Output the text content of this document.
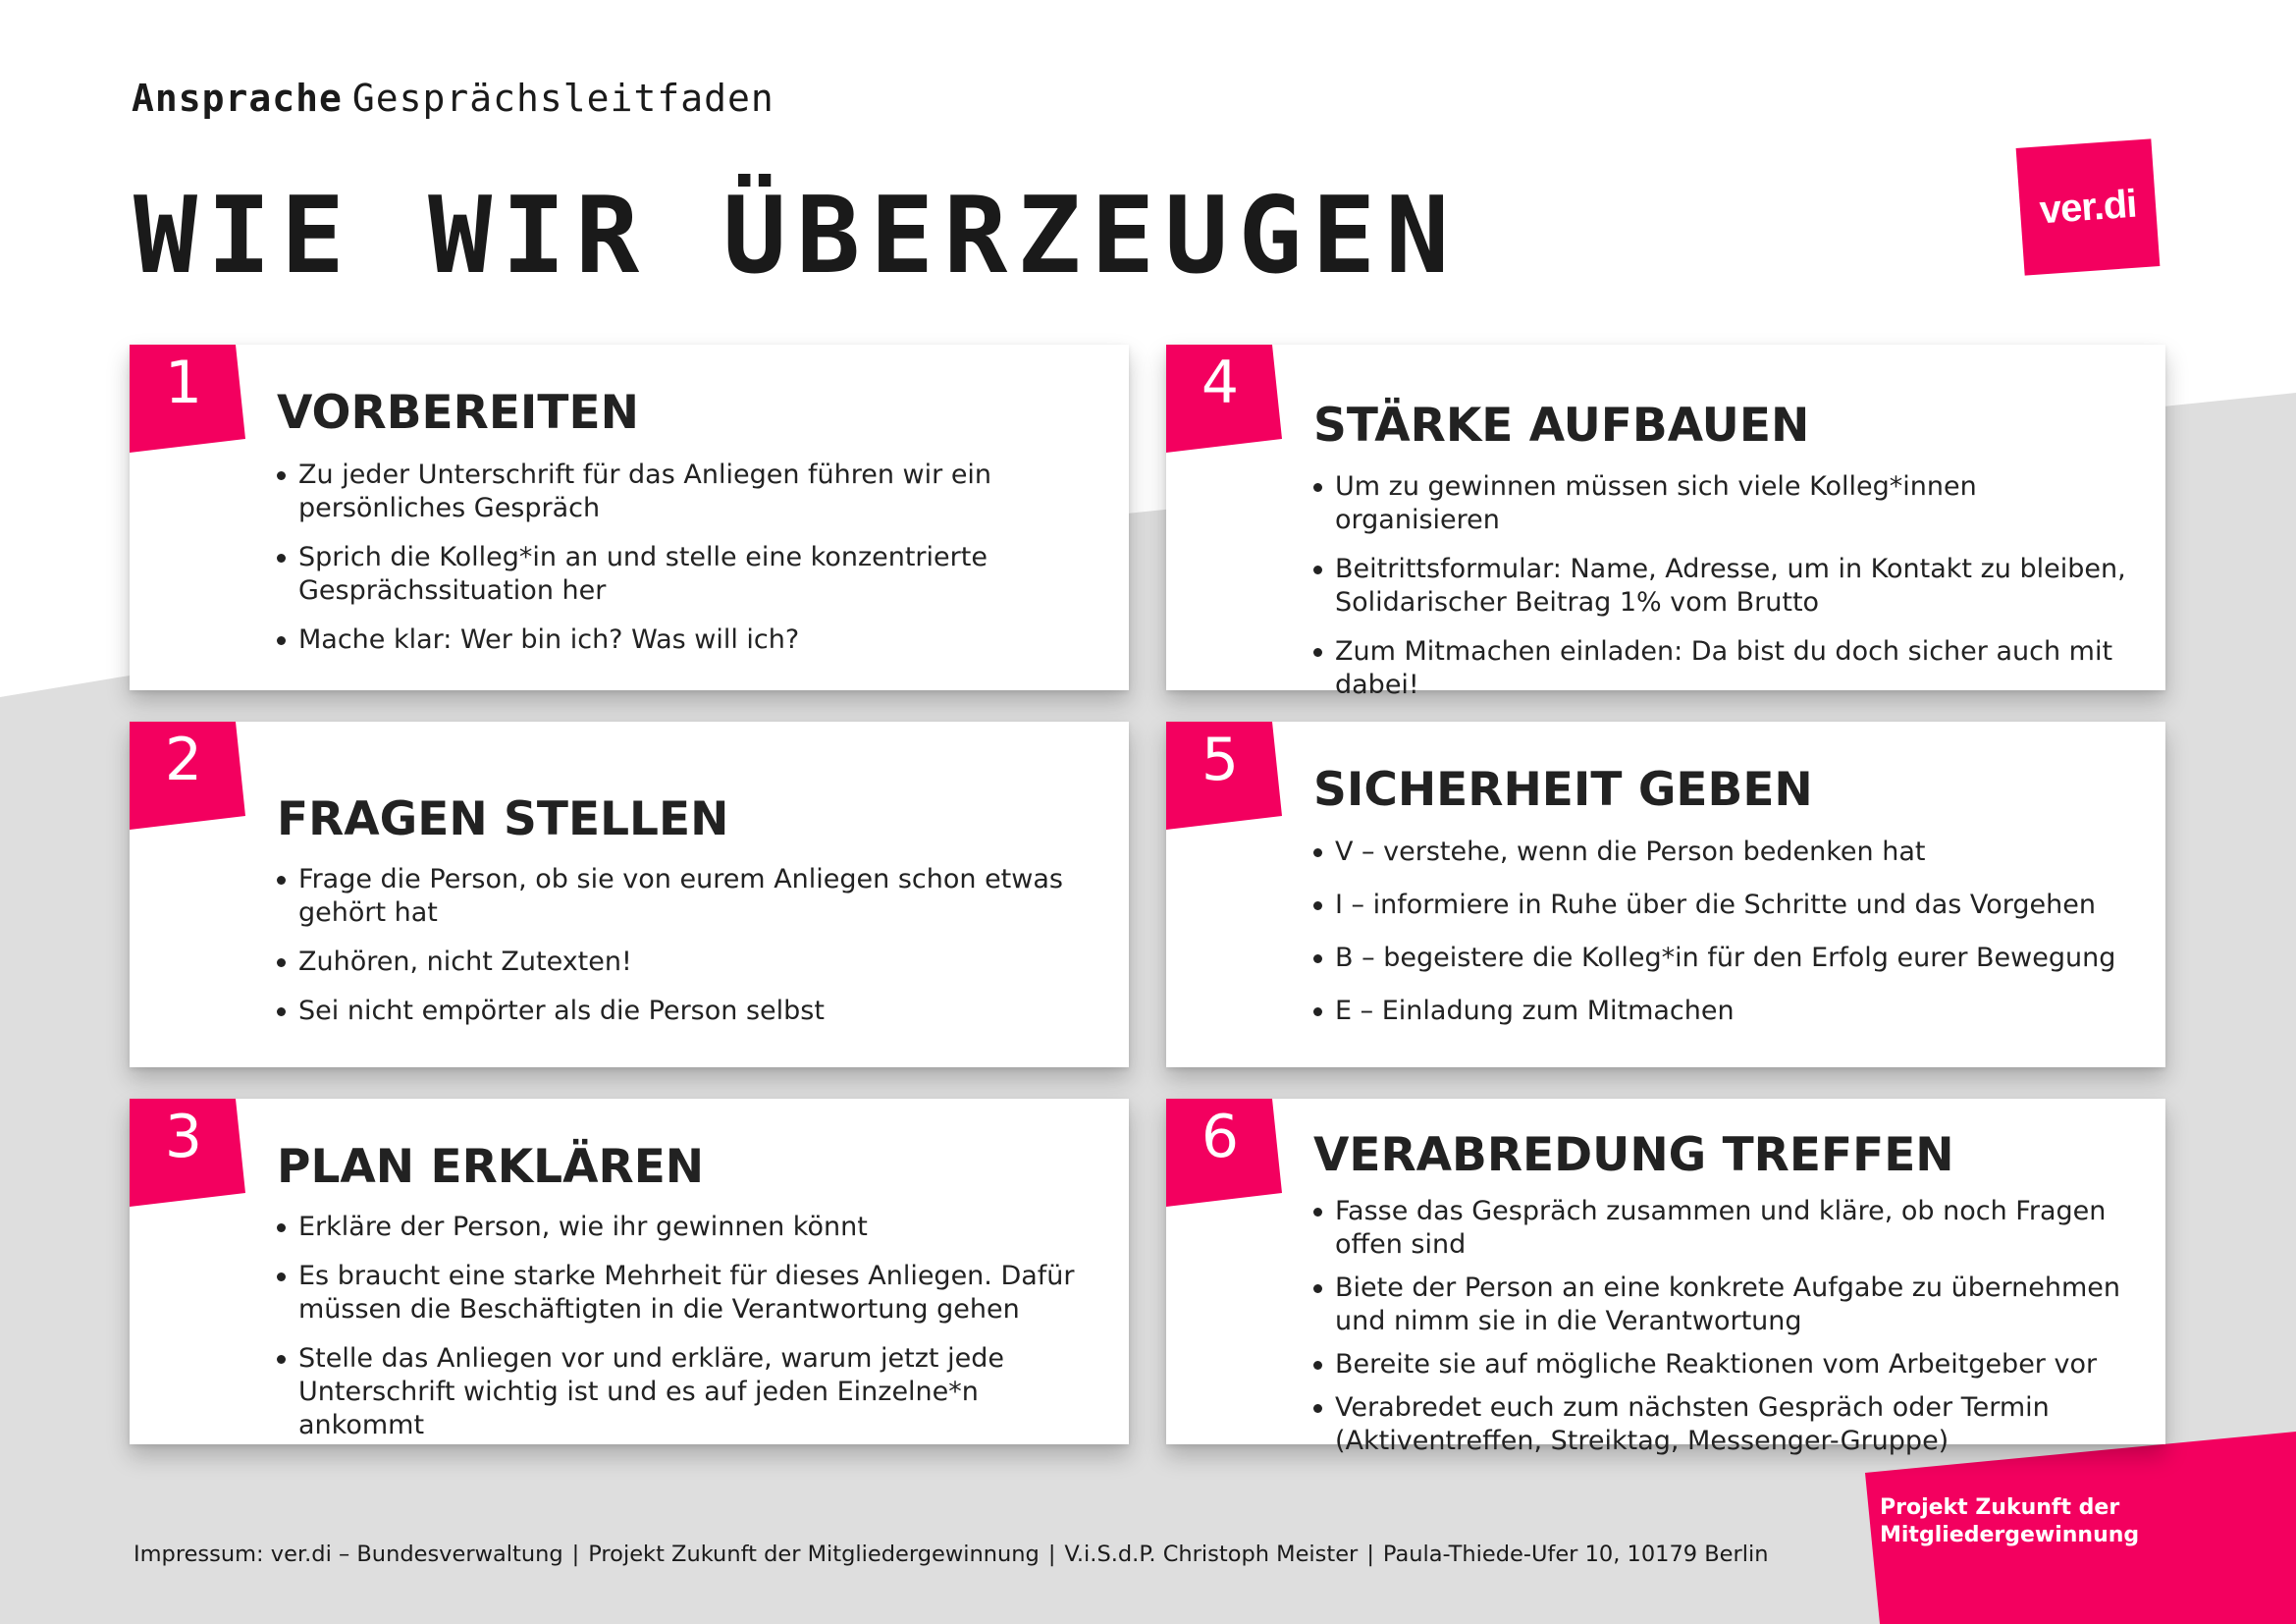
Ansprache Gesprächsleitfaden
WIE WIR ÜBERZEUGEN	ver.di
1	VORBEREITEN
Zu jeder Unterschrift für das Anliegen führen wir ein persönliches Gespräch
Sprich die Kolleg*in an und stelle eine konzentrierte Gesprächssituation her
Mache klar: Wer bin ich? Was will ich?
2
FRAGEN STELLEN
Frage die Person, ob sie von eurem Anliegen schon etwas gehört hat
Zuhören, nicht Zutexten!
Sei nicht empörter als die Person selbst
3	PLAN ERKLÄREN
Erkläre der Person, wie ihr gewinnen könnt
Es braucht eine starke Mehrheit für dieses Anliegen. Dafür müssen die Beschäftigten in die Verantwortung gehen
Stelle das Anliegen vor und erkläre, warum jetzt jede Unterschrift wichtig ist und es auf jeden Einzelne*n ankommt
4
STÄRKE AUFBAUEN
Um zu gewinnen müssen sich viele Kolleg*innen organisieren
Beitrittsformular: Name, Adresse, um in Kontakt zu bleiben, Solidarischer Beitrag 1% vom Brutto
Zum Mitmachen einladen: Da bist du doch sicher auch mit dabei!
5	SICHERHEIT GEBEN
V – verstehe, wenn die Person bedenken hat
I – informiere in Ruhe über die Schritte und das Vorgehen
B – begeistere die Kolleg*in für den Erfolg eurer Bewegung
E – Einladung zum Mitmachen
6	VERABREDUNG TREFFEN
Fasse das Gespräch zusammen und kläre, ob noch Fragen offen sind
Biete der Person an eine konkrete Aufgabe zu übernehmen und nimm sie in die Verantwortung
Bereite sie auf mögliche Reaktionen vom Arbeitgeber vor
Verabredet euch zum nächsten Gespräch oder Termin (Aktiventreffen, Streiktag, Messenger-Gruppe)
Impressum: ver.di – Bundesverwaltung | Projekt Zukunft der Mitgliedergewinnung | V.i.S.d.P. Christoph Meister | Paula-Thiede-Ufer 10, 10179 Berlin
Projekt Zukunft der
Mitgliedergewinnung
